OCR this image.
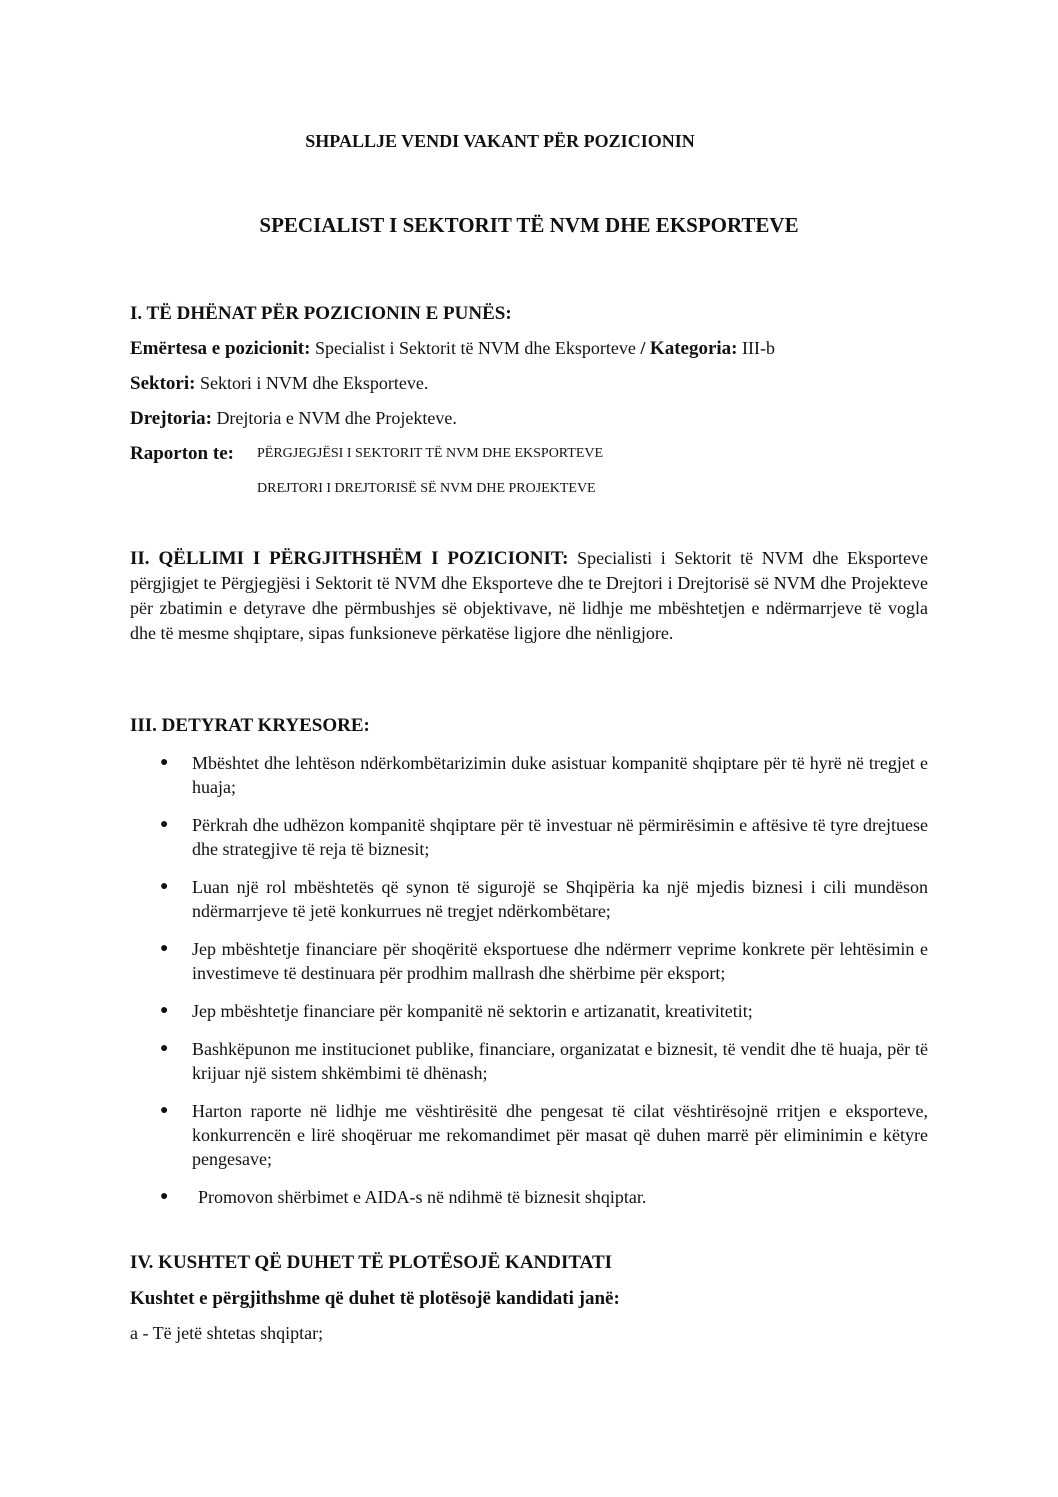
SHPALLJE VENDI VAKANT PËR POZICIONIN
SPECIALIST I SEKTORIT TË NVM DHE EKSPORTEVE
I. TË DHËNAT PËR POZICIONIN E PUNËS:
Emërtesa e pozicionit: Specialist i Sektorit të NVM dhe Eksporteve / Kategoria: III-b
Sektori: Sektori i NVM dhe Eksporteve.
Drejtoria: Drejtoria e NVM dhe Projekteve.
Raporton te: PËRGJEGJËSI I SEKTORIT TË NVM DHE EKSPORTEVE
DREJTORI I DREJTORISË SË NVM DHE PROJEKTEVE
II. QËLLIMI I PËRGJITHSHËM I POZICIONIT: Specialisti i Sektorit të NVM dhe Eksporteve përgjigjet te Përgjegjësi i Sektorit të NVM dhe Eksporteve dhe te Drejtori i Drejtorisë së NVM dhe Projekteve për zbatimin e detyrave dhe përmbushjes së objektivave, në lidhje me mbështetjen e ndërmarrjeve të vogla dhe të mesme shqiptare, sipas funksioneve përkatëse ligjore dhe nënligjore.
III. DETYRAT KRYESORE:
● Mbështet dhe lehtëson ndërkombëtarizimin duke asistuar kompanitë shqiptare për të hyrë në tregjet e huaja;
● Përkrah dhe udhëzon kompanitë shqiptare për të investuar në përmirësimin e aftësive të tyre drejtuese dhe strategjive të reja të biznesit;
● Luan një rol mbështetës që synon të sigurojë se Shqipëria ka një mjedis biznesi i cili mundëson ndërmarrjeve të jetë konkurrues në tregjet ndërkombëtare;
● Jep mbështetje financiare për shoqëritë eksportuese dhe ndërmerr veprime konkrete për lehtësimin e investimeve të destinuara për prodhim mallrash dhe shërbime për eksport;
● Jep mbështetje financiare për kompanitë në sektorin e artizanatit, kreativitetit;
● Bashkëpunon me institucionet publike, financiare, organizatat e biznesit, të vendit dhe të huaja, për të krijuar një sistem shkëmbimi të dhënash;
● Harton raporte në lidhje me vështirësitë dhe pengesat të cilat vështirësojnë rritjen e eksporteve, konkurrencën e lirë shoqëruar me rekomandimet për masat që duhen marrë për eliminimin e këtyre pengesave;
● Promovon shërbimet e AIDA-s në ndihmë të biznesit shqiptar.
IV. KUSHTET QË DUHET TË PLOTËSOJË KANDITATI
Kushtet e përgjithshme që duhet të plotësojë kandidati janë:
a - Të jetë shtetas shqiptar;
